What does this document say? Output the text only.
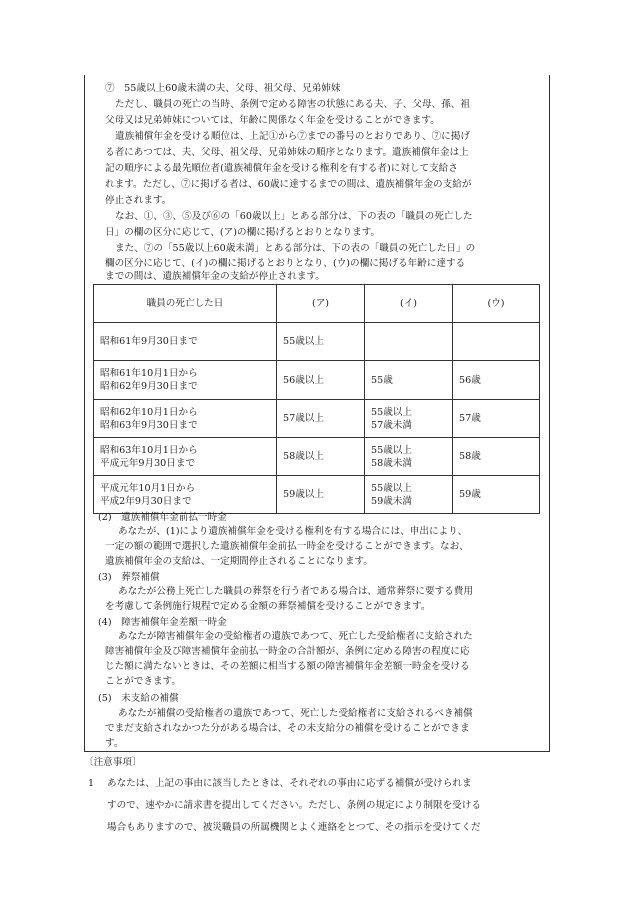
⑦　55歳以上60歳未満の夫、父母、祖父母、兄弟姉妹
ただし、職員の死亡の当時、条例で定める障害の状態にある夫、子、父母、孫、祖
父母又は兄弟姉妹については、年齢に関係なく年金を受けることができます。
遺族補償年金を受ける順位は、上記①から⑦までの番号のとおりであり、⑦に掲げ
る者にあつては、夫、父母、祖父母、兄弟姉妹の順序となります。遺族補償年金は上
記の順序による最先順位者(遺族補償年金を受ける権利を有する者)に対して支給さ
れます。ただし、⑦に掲げる者は、60歳に達するまでの間は、遺族補償年金の支給が
停止されます。
なお、①、③、⑤及び⑥の「60歳以上」とある部分は、下の表の「職員の死亡した
日」の欄の区分に応じて、(ア)の欄に掲げるとおりとなります。
また、⑦の「55歳以上60歳未満」とある部分は、下の表の「職員の死亡した日」の
欄の区分に応じて、(イ)の欄に掲げるとおりとなり、(ウ)の欄に掲げる年齢に達する
までの間は、遺族補償年金の支給が停止されます。
職員の死亡した日	(ア)	(イ)	(ウ)
昭和61年9月30日まで	55歳以上		

昭和61年10月1日から
昭和62年9月30日まで	56歳以上	55歳	56歳

昭和62年10月1日から
昭和63年9月30日まで	57歳以上	55歳以上
57歳未満	57歳

昭和63年10月1日から
平成元年9月30日まで	58歳以上	55歳以上
58歳未満	58歳

平成元年10月1日から
平成2年9月30日まで	59歳以上	55歳以上
59歳未満	59歳
(2)　遺族補償年金前払一時金
あなたが、(1)により遺族補償年金を受ける権利を有する場合には、申出により、
一定の額の範囲で選択した遺族補償年金前払一時金を受けることができます。なお、
遺族補償年金の支給は、一定期間停止されることになります。
(3)　葬祭補償
あなたが公務上死亡した職員の葬祭を行う者である場合は、通常葬祭に要する費用
を考慮して条例施行規程で定める金額の葬祭補償を受けることができます。
(4)　障害補償年金差額一時金
あなたが障害補償年金の受給権者の遺族であつて、死亡した受給権者に支給された
障害補償年金及び障害補償年金前払一時金の合計額が、条例に定める障害の程度に応
じた額に満たないときは、その差額に相当する額の障害補償年金差額一時金を受ける
ことができます。
(5)　未支給の補償
あなたが補償の受給権者の遺族であつて、死亡した受給権者に支給されるべき補償
でまだ支給されなかつた分がある場合は、その未支給分の補償を受けることができま
す。
〔注意事項〕
1 あなたは、上記の事由に該当したときは、それぞれの事由に応ずる補償が受けられま
すので、速やかに請求書を提出してください。ただし、条例の規定により制限を受ける
場合もありますので、被災職員の所属機関とよく連絡をとつて、その指示を受けてくだ
